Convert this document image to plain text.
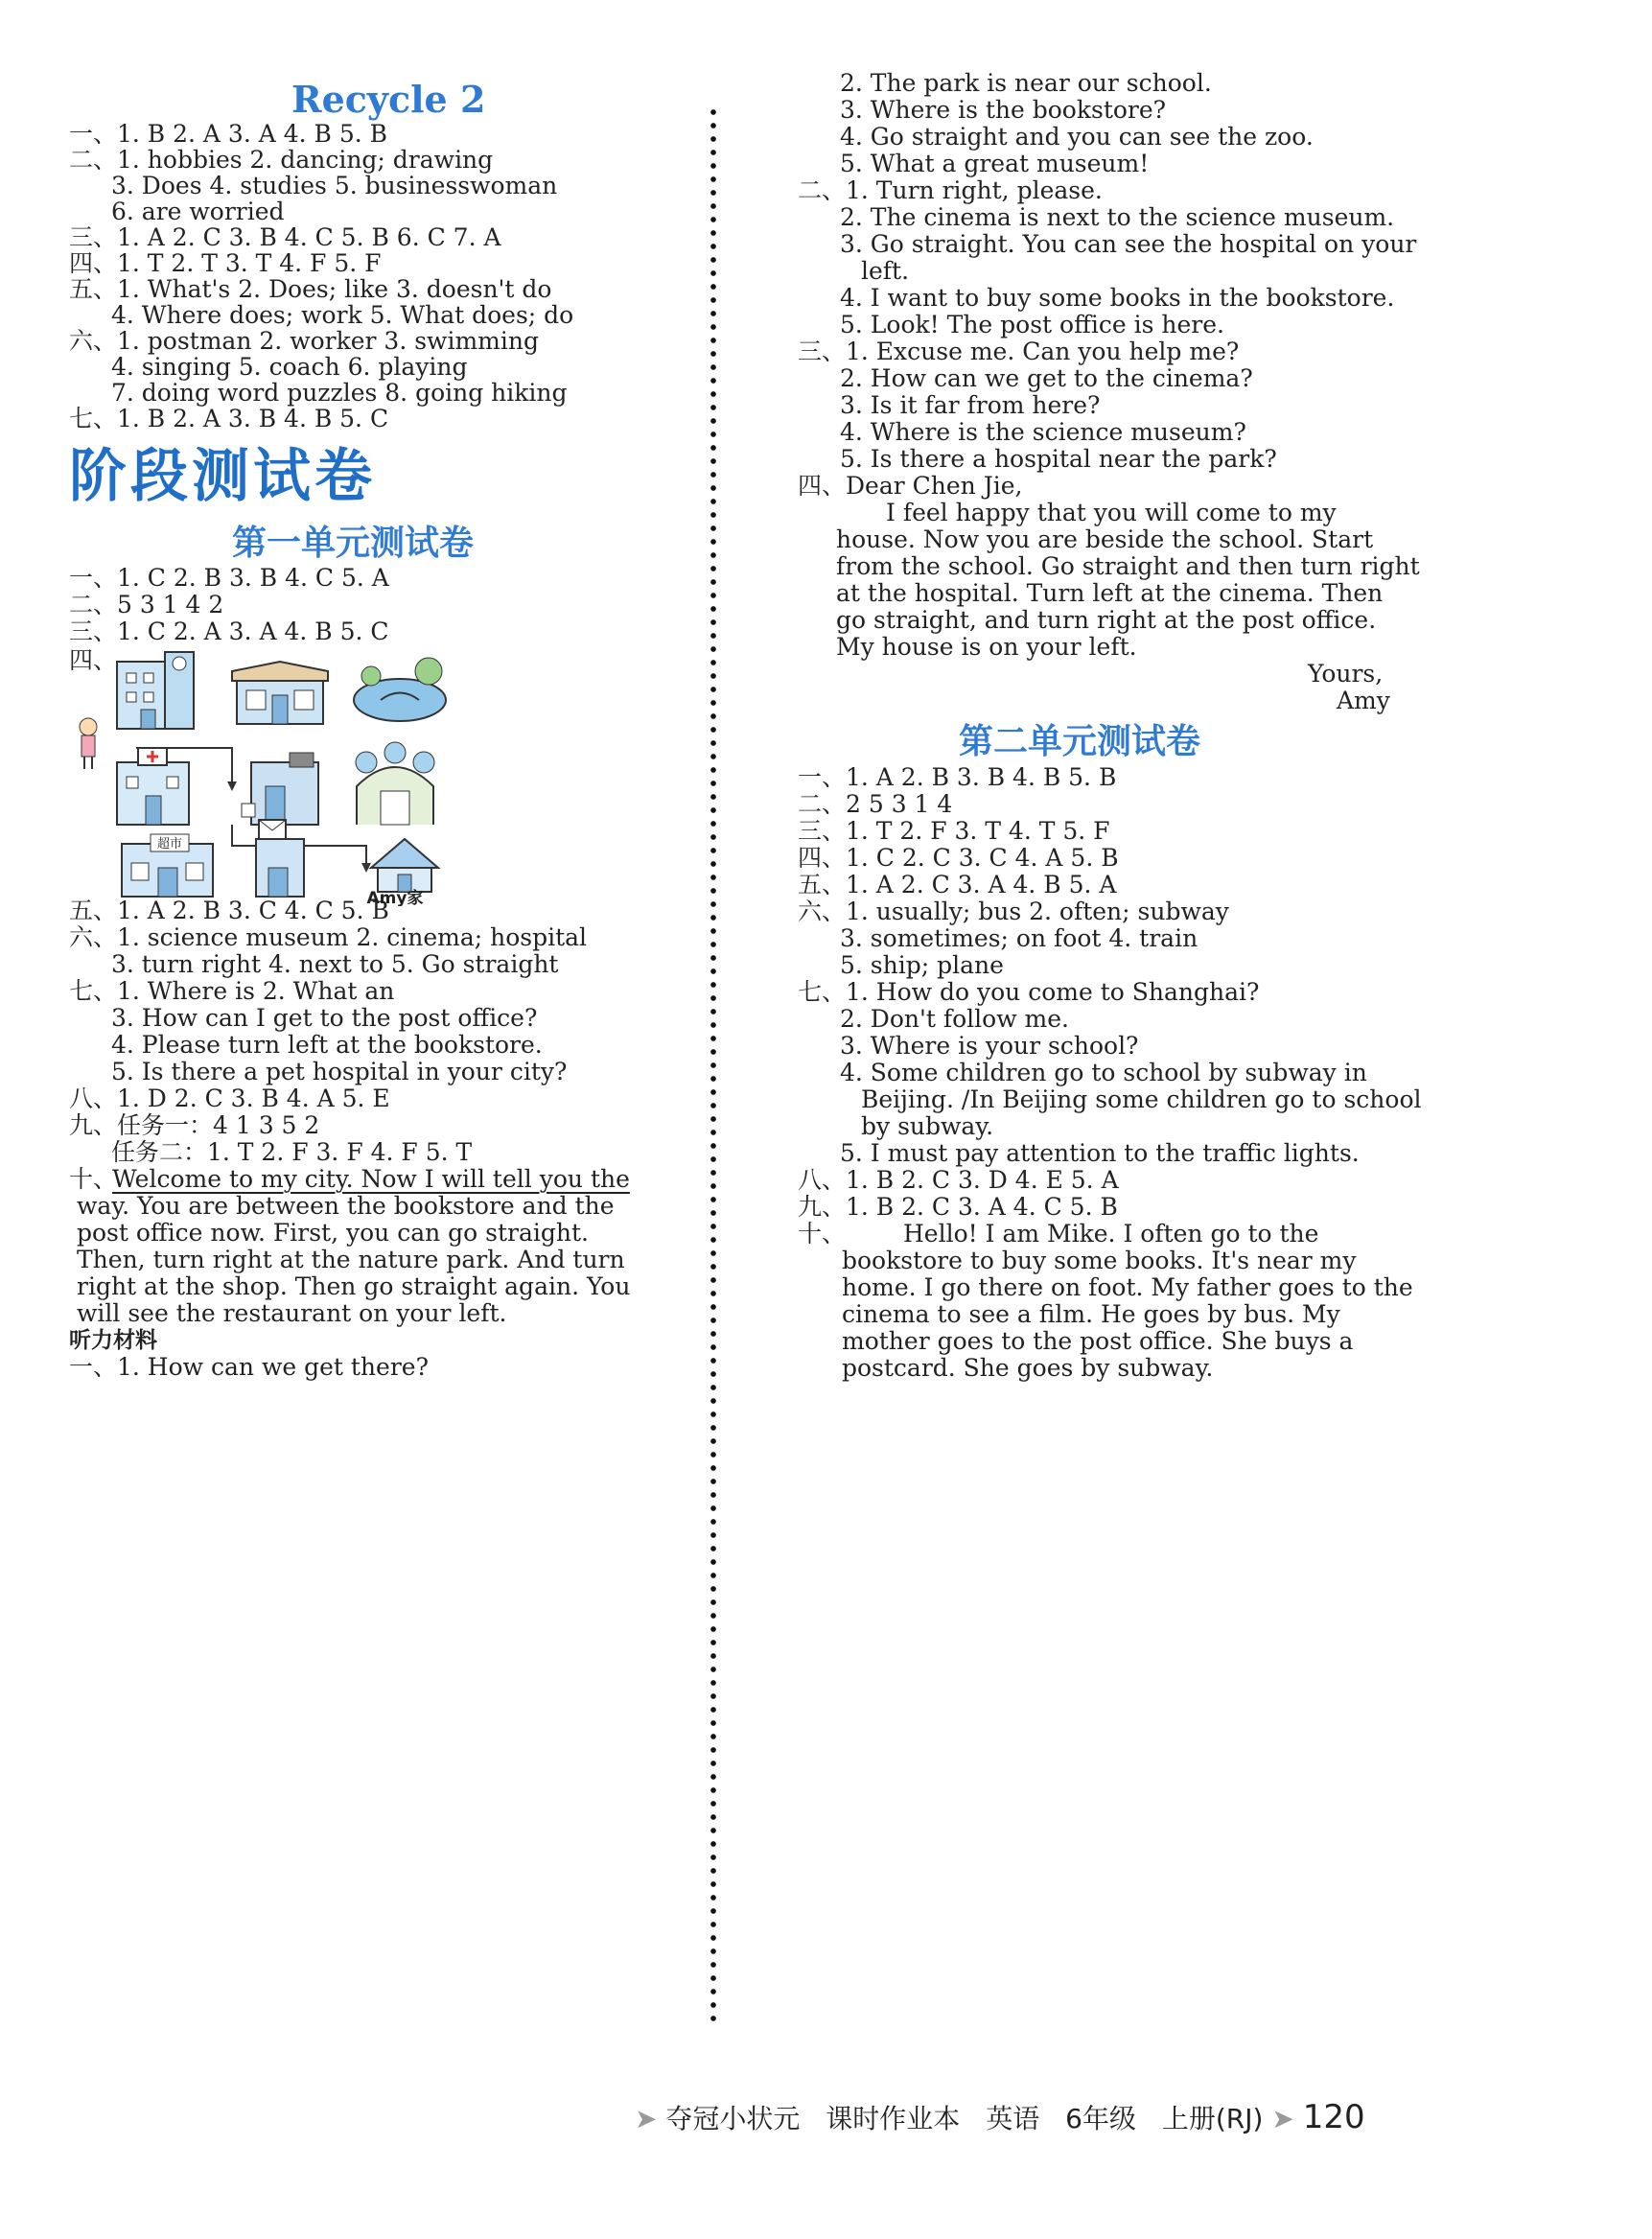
Recycle 2
一、1. B 2. A 3. A 4. B 5. B
二、1. hobbies 2. dancing; drawing
3. Does 4. studies 5. businesswoman
6. are worried
三、1. A 2. C 3. B 4. C 5. B 6. C 7. A
四、1. T 2. T 3. T 4. F 5. F
五、1. What's 2. Does; like 3. doesn't do
4. Where does; work 5. What does; do
六、1. postman 2. worker 3. swimming
4. singing 5. coach 6. playing
7. doing word puzzles 8. going hiking
七、1. B 2. A 3. B 4. B 5. C
阶段测试卷
第一单元测试卷
一、1. C 2. B 3. B 4. C 5. A
二、5 3 1 4 2
三、1. C 2. A 3. A 4. B 5. C
四、
超市
Amy家
五、1. A 2. B 3. C 4. C 5. B
六、1. science museum 2. cinema; hospital
3. turn right 4. next to 5. Go straight
七、1. Where is 2. What an
3. How can I get to the post office?
4. Please turn left at the bookstore.
5. Is there a pet hospital in your city?
八、1. D 2. C 3. B 4. A 5. E
九、任务一：4 1 3 5 2
任务二：1. T 2. F 3. F 4. F 5. T
十、
Welcome to my city. Now I will tell you the
way. You are between the bookstore and the
post office now. First, you can go straight.
Then, turn right at the nature park. And turn
right at the shop. Then go straight again. You
will see the restaurant on your left.
听力材料
一、1. How can we get there?
2. The park is near our school.
3. Where is the bookstore?
4. Go straight and you can see the zoo.
5. What a great museum!
二、1. Turn right, please.
2. The cinema is next to the science museum.
3. Go straight. You can see the hospital on your
left.
4. I want to buy some books in the bookstore.
5. Look! The post office is here.
三、1. Excuse me. Can you help me?
2. How can we get to the cinema?
3. Is it far from here?
4. Where is the science museum?
5. Is there a hospital near the park?
四、Dear Chen Jie,
I feel happy that you will come to my
house. Now you are beside the school. Start
from the school. Go straight and then turn right
at the hospital. Turn left at the cinema. Then
go straight, and turn right at the post office.
My house is on your left.
Yours,
Amy
第二单元测试卷
一、1. A 2. B 3. B 4. B 5. B
二、2 5 3 1 4
三、1. T 2. F 3. T 4. T 5. F
四、1. C 2. C 3. C 4. A 5. B
五、1. A 2. C 3. A 4. B 5. A
六、1. usually; bus 2. often; subway
3. sometimes; on foot 4. train
5. ship; plane
七、1. How do you come to Shanghai?
2. Don't follow me.
3. Where is your school?
4. Some children go to school by subway in
Beijing. /In Beijing some children go to school
by subway.
5. I must pay attention to the traffic lights.
八、1. B 2. C 3. D 4. E 5. A
九、1. B 2. C 3. A 4. C 5. B
十、 Hello! I am Mike. I often go to the
bookstore to buy some books. It's near my
home. I go there on foot. My father goes to the
cinema to see a film. He goes by bus. My
mother goes to the post office. She buys a
postcard. She goes by subway.
➤ 夺冠小状元 课时作业本 英语 6年级 上册(RJ) ➤ 120
